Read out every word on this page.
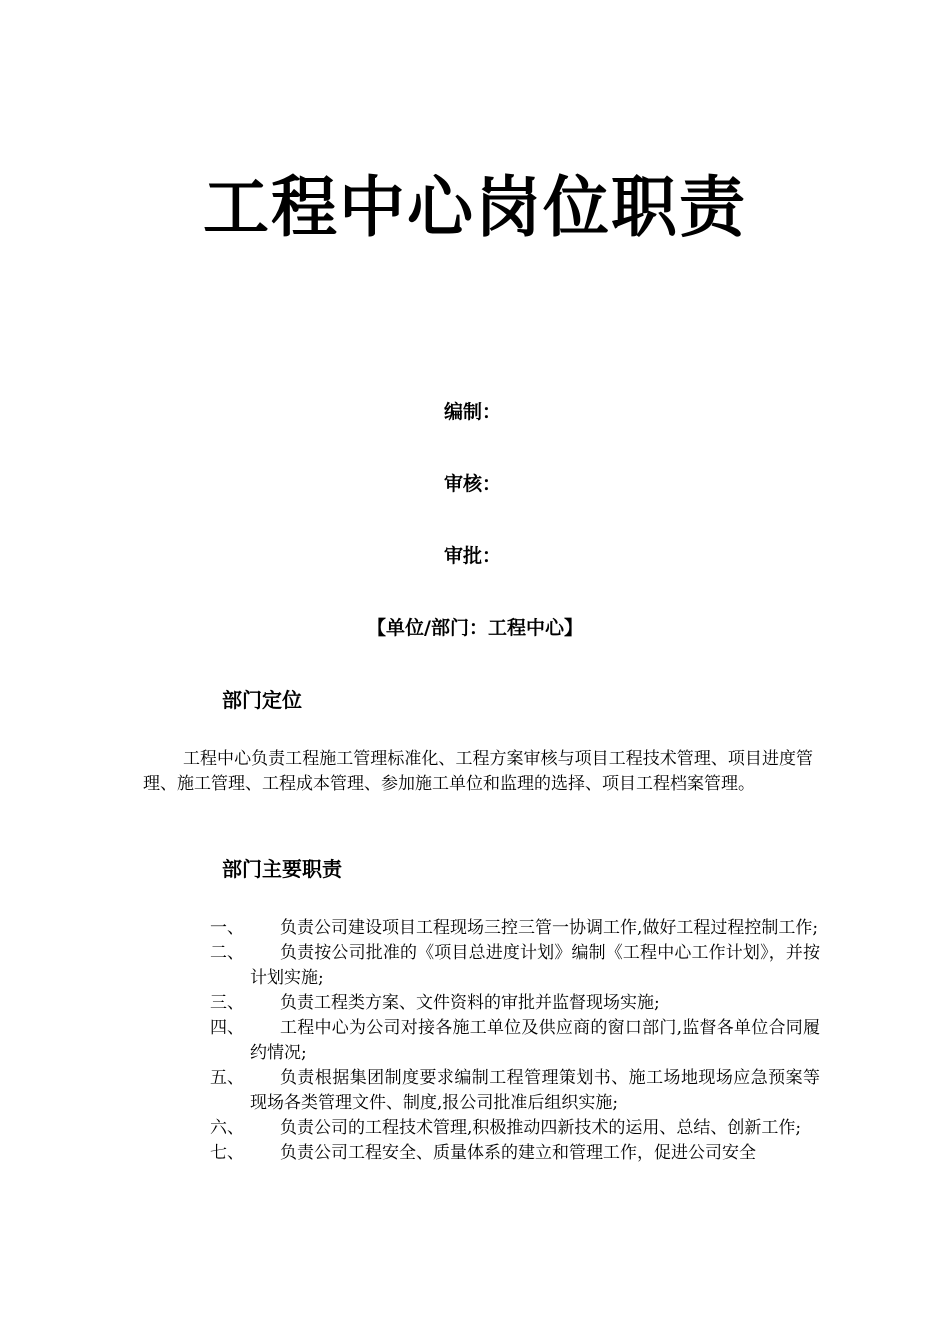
工程中心岗位职责
编制：
审核：
审批：
【单位/部门：工程中心】
部门定位
工程中心负责工程施工管理标准化、工程方案审核与项目工程技术管理、项目进度管理、施工管理、工程成本管理、参加施工单位和监理的选择、项目工程档案管理。
部门主要职责
一、	负责公司建设项目工程现场三控三管一协调工作,做好工程过程控制工作;
二、	负责按公司批准的《项目总进度计划》编制《工程中心工作计划》，并按计划实施;
三、	负责工程类方案、文件资料的审批并监督现场实施;
四、	工程中心为公司对接各施工单位及供应商的窗口部门,监督各单位合同履约情况;
五、	负责根据集团制度要求编制工程管理策划书、施工场地现场应急预案等现场各类管理文件、制度,报公司批准后组织实施;
六、	负责公司的工程技术管理,积极推动四新技术的运用、总结、创新工作;
七、	负责公司工程安全、质量体系的建立和管理工作，促进公司安全
